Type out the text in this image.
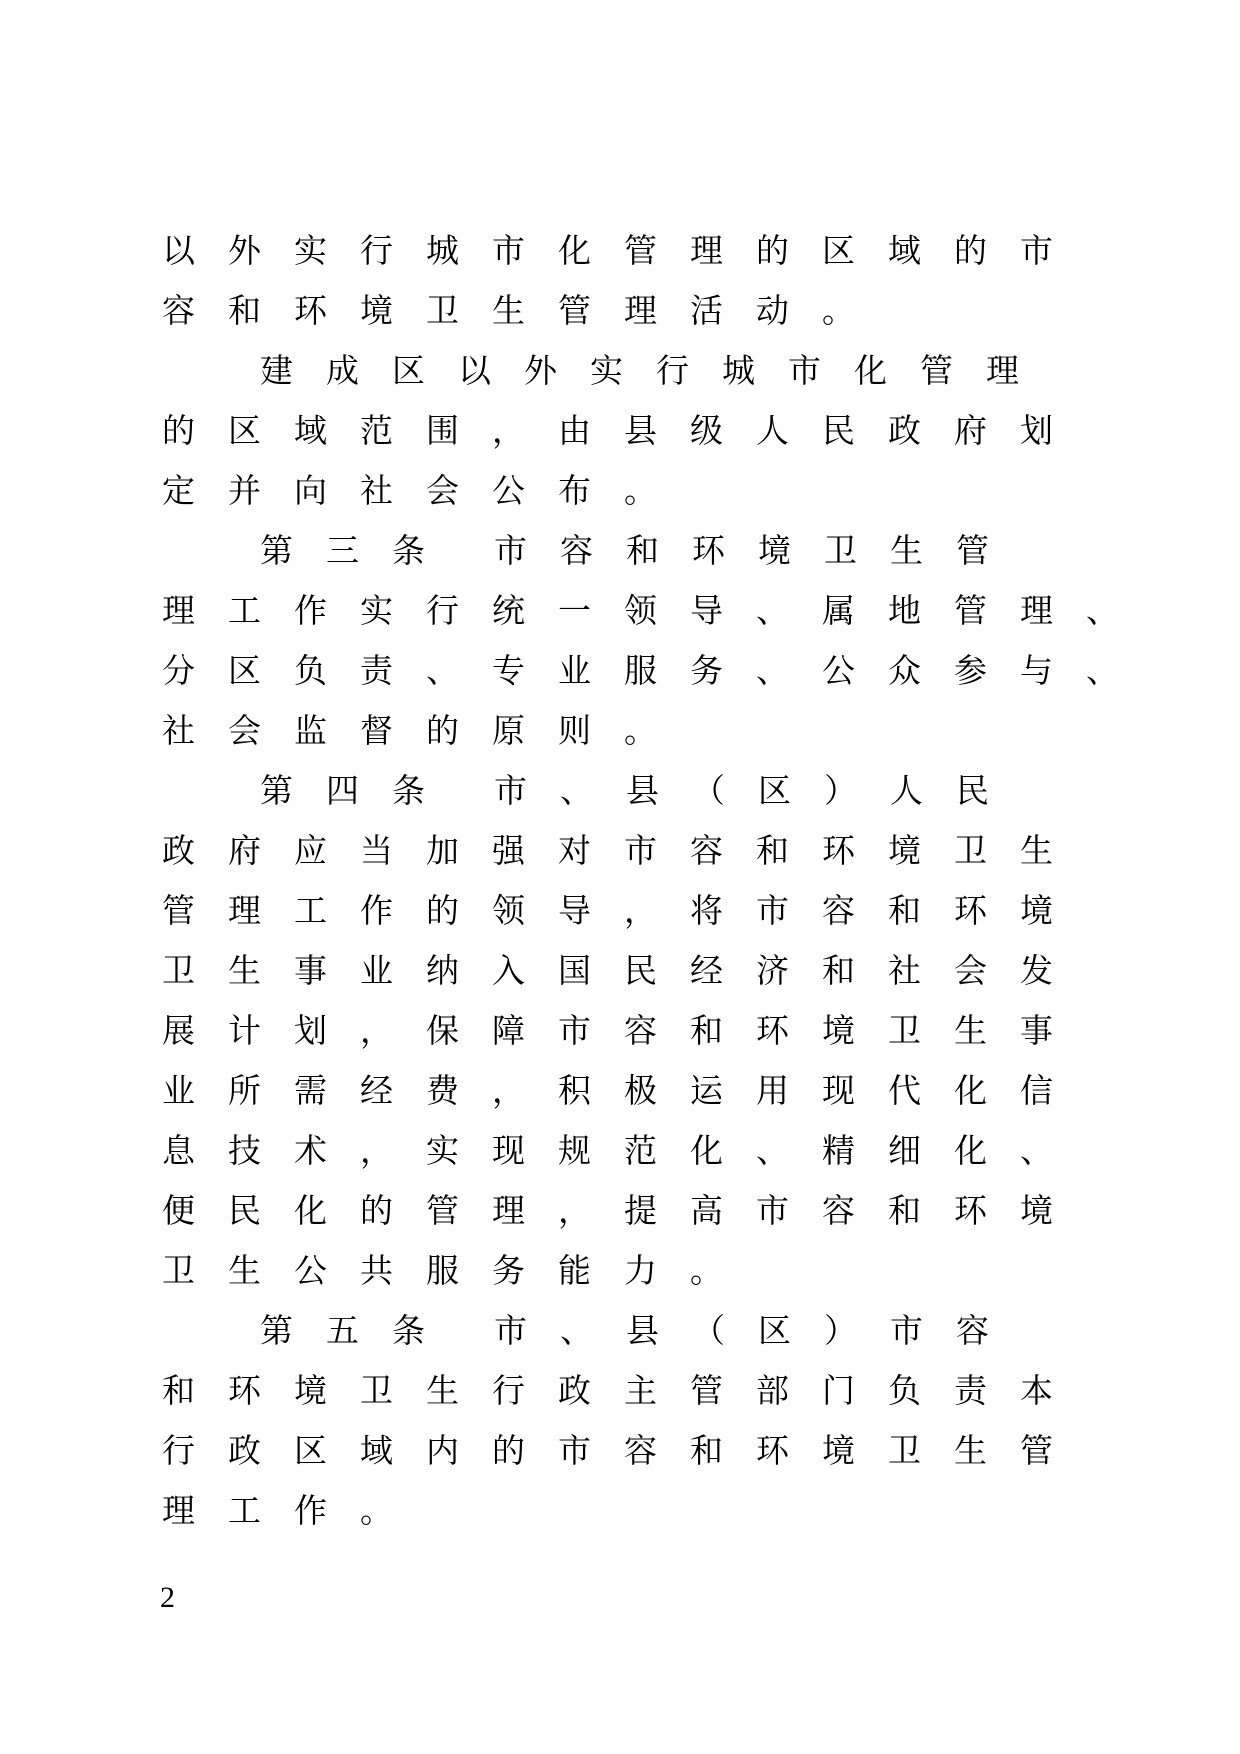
以外实行城市化管理的区域的市
容和环境卫生管理活动。
建成区以外实行城市化管理
的区域范围，由县级人民政府划
定并向社会公布。
第三条 市容和环境卫生管
理工作实行统一领导、属地管理、
分区负责、专业服务、公众参与、
社会监督的原则。
第四条 市、县（区）人民
政府应当加强对市容和环境卫生
管理工作的领导，将市容和环境
卫生事业纳入国民经济和社会发
展计划，保障市容和环境卫生事
业所需经费，积极运用现代化信
息技术，实现规范化、精细化、
便民化的管理，提高市容和环境
卫生公共服务能力。
第五条 市、县（区）市容
和环境卫生行政主管部门负责本
行政区域内的市容和环境卫生管
理工作。
2
